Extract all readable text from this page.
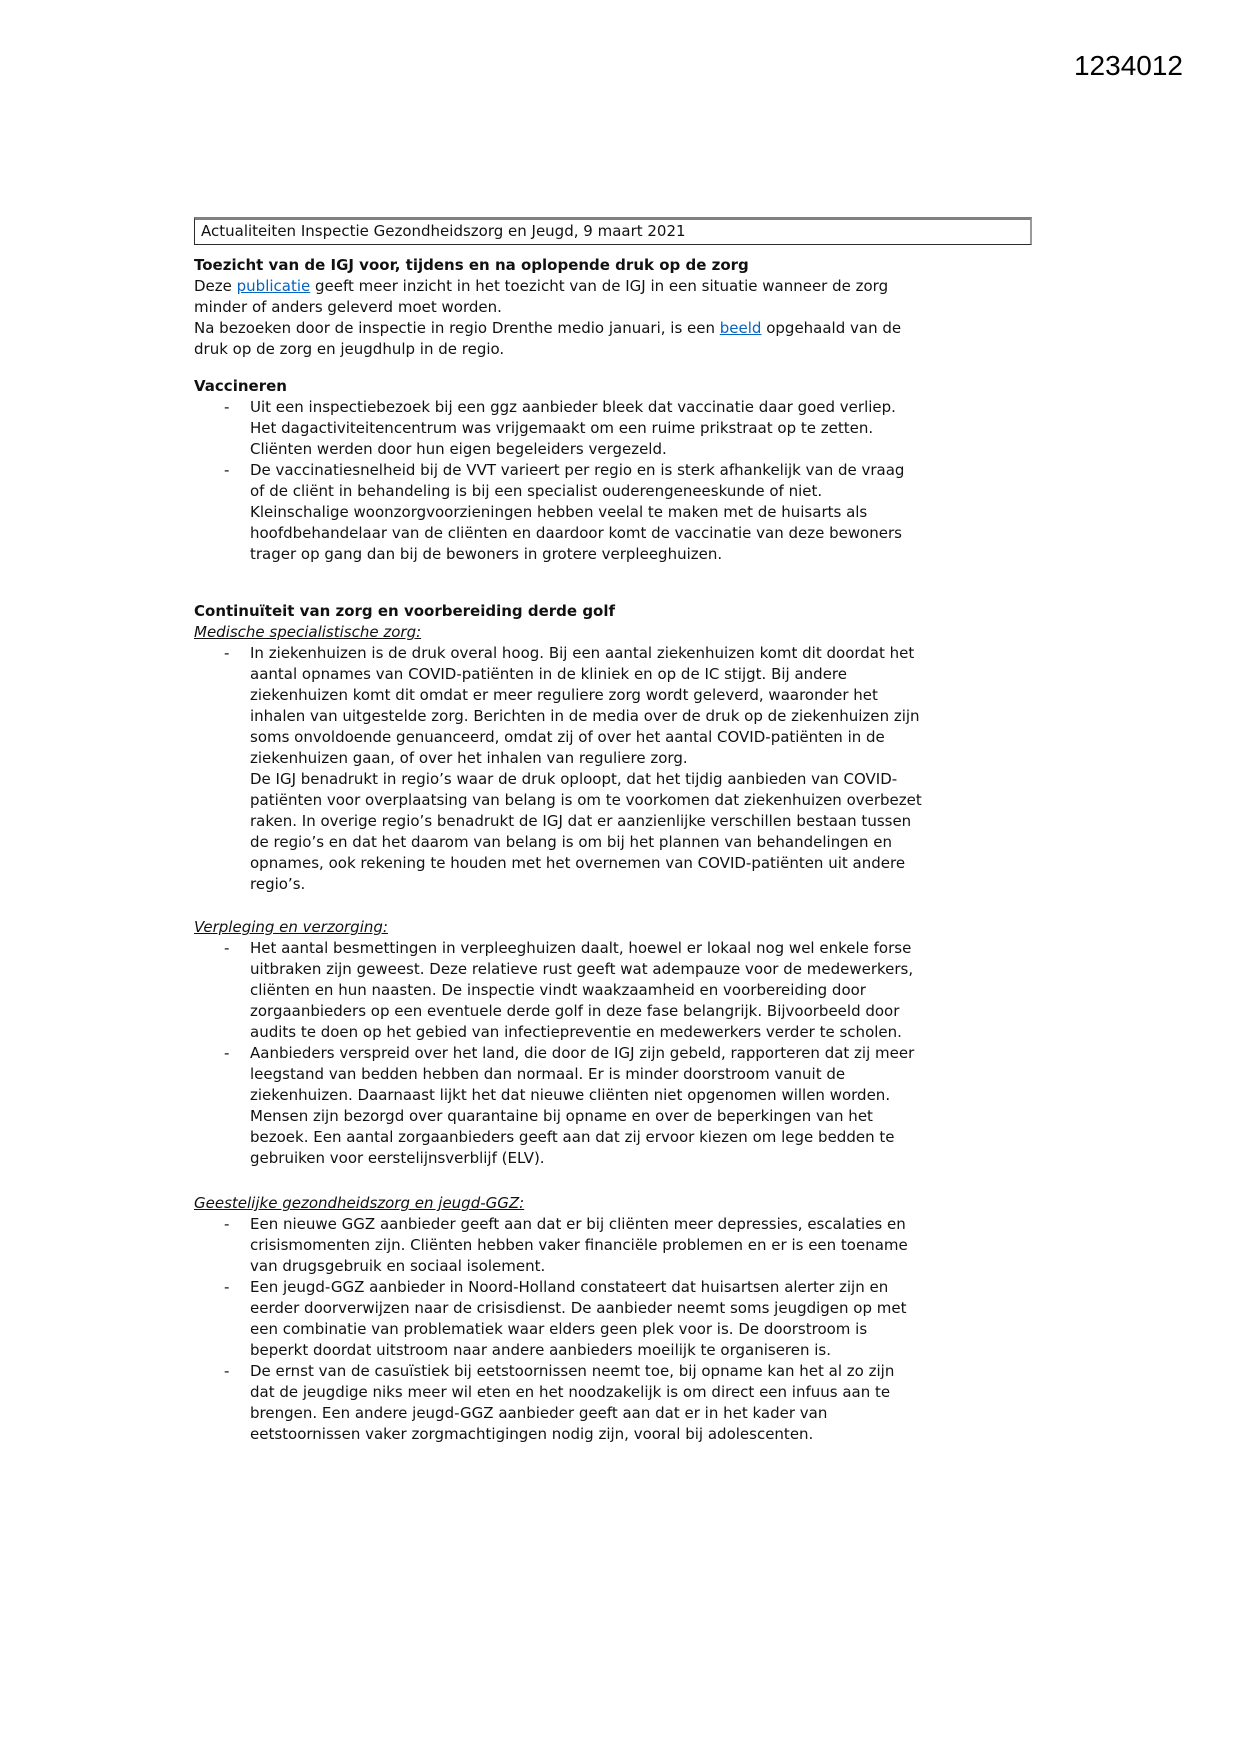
1234012
Actualiteiten Inspectie Gezondheidszorg en Jeugd, 9 maart 2021

Toezicht van de IGJ voor, tijdens en na oplopende druk op de zorg

Deze publicatie geeft meer inzicht in het toezicht van de IGJ in een situatie wanneer de zorg minder of anders geleverd moet worden.

Na bezoeken door de inspectie in regio Drenthe medio januari, is een beeld opgehaald van de druk op de zorg en jeugdhulp in de regio.

Vaccineren

- Uit een inspectiebezoek bij een ggz aanbieder bleek dat vaccinatie daar goed verliep. Het dagactiviteitencentrum was vrijgemaakt om een ruime prikstraat op te zetten. Cliënten werden door hun eigen begeleiders vergezeld.
- De vaccinatiesnelheid bij de VVT varieert per regio en is sterk afhankelijk van de vraag of de cliënt in behandeling is bij een specialist ouderengeneeskunde of niet. Kleinschalige woonzorgvoorzieningen hebben veelal te maken met de huisarts als hoofdbehandelaar van de cliënten en daardoor komt de vaccinatie van deze bewoners trager op gang dan bij de bewoners in grotere verpleeghuizen.

Continuïteit van zorg en voorbereiding derde golf

Medische specialistische zorg:

- In ziekenhuizen is de druk overal hoog. Bij een aantal ziekenhuizen komt dit doordat het aantal opnames van COVID-patiënten in de kliniek en op de IC stijgt. Bij andere ziekenhuizen komt dit omdat er meer reguliere zorg wordt geleverd, waaronder het inhalen van uitgestelde zorg. Berichten in de media over de druk op de ziekenhuizen zijn soms onvoldoende genuanceerd, omdat zij of over het aantal COVID-patiënten in de ziekenhuizen gaan, of over het inhalen van reguliere zorg.

De IGJ benadrukt in regio’s waar de druk oploopt, dat het tijdig aanbieden van COVID-patiënten voor overplaatsing van belang is om te voorkomen dat ziekenhuizen overbezet raken. In overige regio’s benadrukt de IGJ dat er aanzienlijke verschillen bestaan tussen de regio’s en dat het daarom van belang is om bij het plannen van behandelingen en opnames, ook rekening te houden met het overnemen van COVID-patiënten uit andere regio’s.

Verpleging en verzorging:

- Het aantal besmettingen in verpleeghuizen daalt, hoewel er lokaal nog wel enkele forse uitbraken zijn geweest. Deze relatieve rust geeft wat adempauze voor de medewerkers, cliënten en hun naasten. De inspectie vindt waakzaamheid en voorbereiding door zorgaanbieders op een eventuele derde golf in deze fase belangrijk. Bijvoorbeeld door audits te doen op het gebied van infectiepreventie en medewerkers verder te scholen.
- Aanbieders verspreid over het land, die door de IGJ zijn gebeld, rapporteren dat zij meer leegstand van bedden hebben dan normaal. Er is minder doorstroom vanuit de ziekenhuizen. Daarnaast lijkt het dat nieuwe cliënten niet opgenomen willen worden. Mensen zijn bezorgd over quarantaine bij opname en over de beperkingen van het bezoek. Een aantal zorgaanbieders geeft aan dat zij ervoor kiezen om lege bedden te gebruiken voor eerstelijnsverblijf (ELV).

Geestelijke gezondheidszorg en jeugd-GGZ:

- Een nieuwe GGZ aanbieder geeft aan dat er bij cliënten meer depressies, escalaties en crisismomenten zijn. Cliënten hebben vaker financiële problemen en er is een toename van drugsgebruik en sociaal isolement.
- Een jeugd-GGZ aanbieder in Noord-Holland constateert dat huisartsen alerter zijn en eerder doorverwijzen naar de crisisdienst. De aanbieder neemt soms jeugdigen op met een combinatie van problematiek waar elders geen plek voor is. De doorstroom is beperkt doordat uitstroom naar andere aanbieders moeilijk te organiseren is.
- De ernst van de casuïstiek bij eetstoornissen neemt toe, bij opname kan het al zo zijn dat de jeugdige niks meer wil eten en het noodzakelijk is om direct een infuus aan te brengen. Een andere jeugd-GGZ aanbieder geeft aan dat er in het kader van eetstoornissen vaker zorgmachtigingen nodig zijn, vooral bij adolescenten.
